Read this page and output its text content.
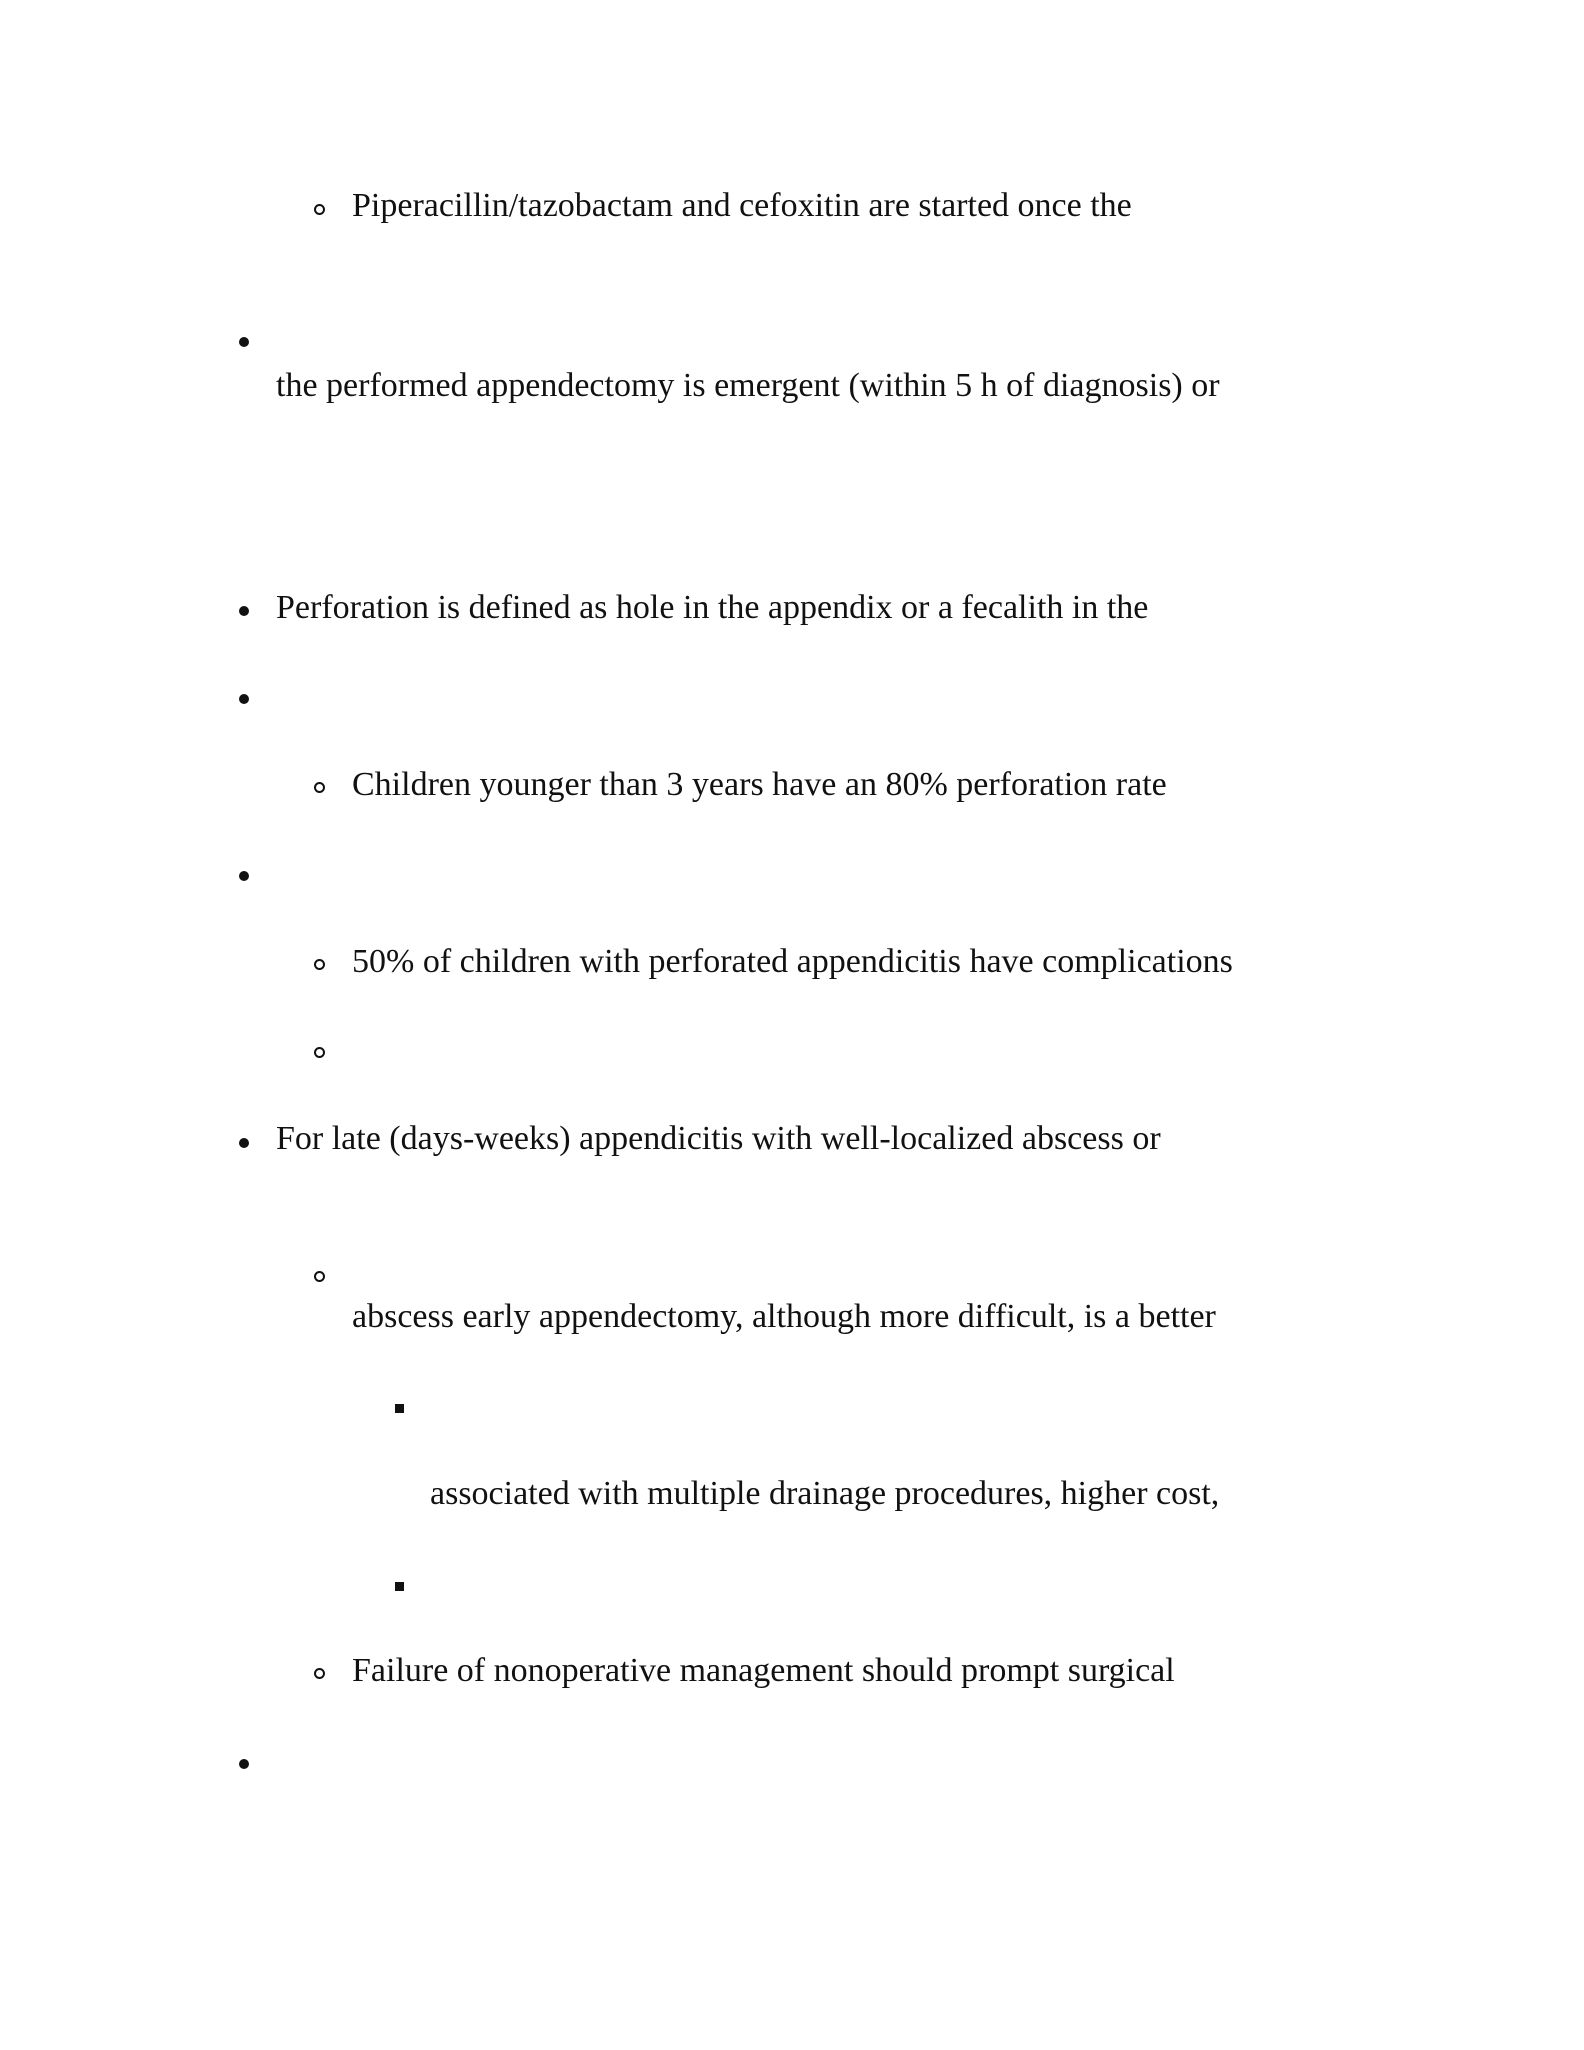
Piperacillin/tazobactam and cefoxitin are started once the
the performed appendectomy is emergent (within 5 h of diagnosis) or
Perforation is defined as hole in the appendix or a fecalith in the
Children younger than 3 years have an 80% perforation rate
50% of children with perforated appendicitis have complications
For late (days-weeks) appendicitis with well-localized abscess or
abscess early appendectomy, although more difficult, is a better
associated with multiple drainage procedures, higher cost,
Failure of nonoperative management should prompt surgical
